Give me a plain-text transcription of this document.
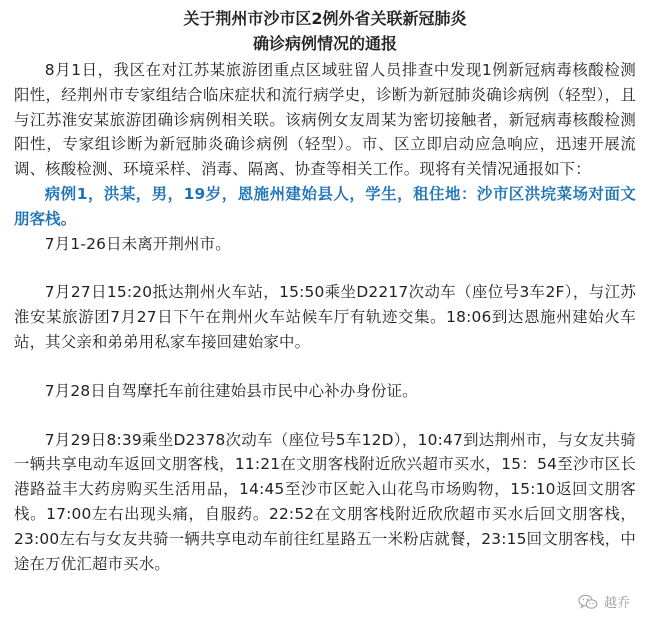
关于荆州市沙市区2例外省关联新冠肺炎

确诊病例情况的通报

8月1日，我区在对江苏某旅游团重点区域驻留人员排查中发现1例新冠病毒核酸检测阳性，经荆州市专家组结合临床症状和流行病学史，诊断为新冠肺炎确诊病例（轻型），且与江苏淮安某旅游团确诊病例相关联。该病例女友周某为密切接触者，新冠病毒核酸检测阳性，专家组诊断为新冠肺炎确诊病例（轻型）。市、区立即启动应急响应，迅速开展流调、核酸检测、环境采样、消毒、隔离、协查等相关工作。现将有关情况通报如下：

病例1，洪某，男，19岁，恩施州建始县人，学生，租住地：沙市区洪垸菜场对面文朋客栈。

7月1-26日未离开荆州市。

7月27日15:20抵达荆州火车站，15:50乘坐D2217次动车（座位号3车2F），与江苏淮安某旅游团7月27日下午在荆州火车站候车厅有轨迹交集。18:06到达恩施州建始火车站，其父亲和弟弟用私家车接回建始家中。

7月28日自驾摩托车前往建始县市民中心补办身份证。

7月29日8:39乘坐D2378次动车（座位号5车12D），10:47到达荆州市，与女友共骑一辆共享电动车返回文朋客栈，11:21在文朋客栈附近欣兴超市买水，15：54至沙市区长港路益丰大药房购买生活用品，14:45至沙市区蛇入山花鸟市场购物，15:10返回文朋客栈。17:00左右出现头痛，自服药。22:52在文朋客栈附近欣欣超市买水后回文朋客栈，23:00左右与女友共骑一辆共享电动车前往红星路五一米粉店就餐，23:15回文朋客栈，中途在万优汇超市买水。

越乔
